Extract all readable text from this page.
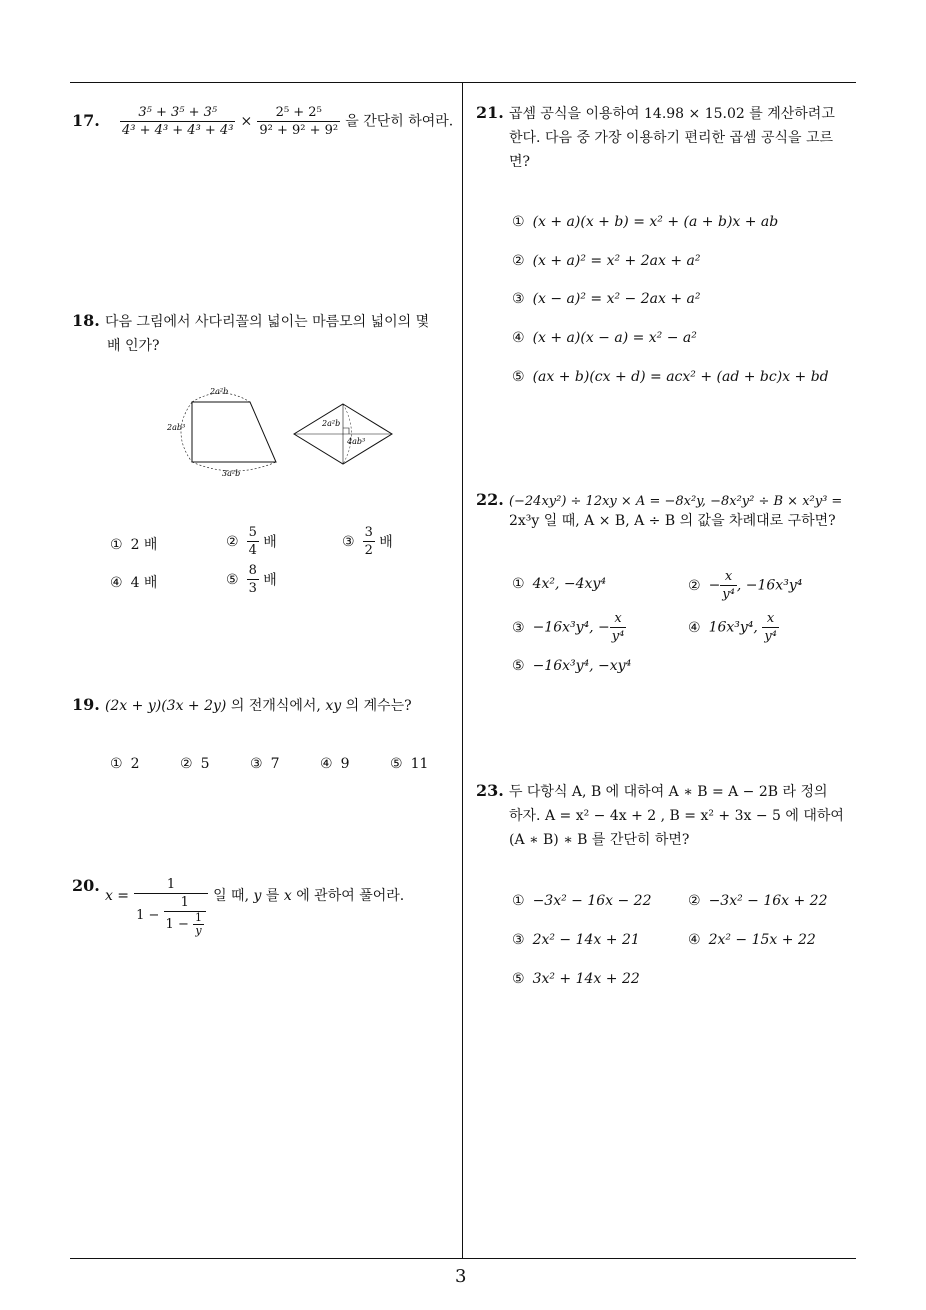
17. $\frac{\text{3⁵ + 3⁵ + 3⁵}}{\text{4³ + 4³ + 4³ + 4³}} \times \frac{\text{2⁵ + 2⁵}}{\text{9² + 9² + 9²}}$ 을 간단히 하여라.
18. 다음 그림에서 사다리꼴의 넓이는 마름모의 넓이의 몇
배 인가?
2a²b
2ab³
3a²b
2a²b
4ab³
① 2 배	② $\frac{5}{4}$ 배	③ $\frac{3}{2}$ 배
④ 4 배	⑤ $\frac{8}{3}$ 배
19. (2x + y)(3x + 2y) 의 전개식에서, xy 의 계수는?
① 2	② 5	③ 7	④ 9	⑤ 11
20. $x = \frac{1}{1 - \frac{1}{1 - \frac{1}{y}}}$ 일 때, y 를 x 에 관하여 풀어라.
21. 곱셈 공식을 이용하여 14.98 × 15.02 를 계산하려고
한다. 다음 중 가장 이용하기 편리한 곱셈 공식을 고르
면?
① (x + a)(x + b) = x² + (a + b)x + ab
② (x + a)² = x² + 2ax + a²
③ (x − a)² = x² − 2ax + a²
④ (x + a)(x − a) = x² − a²
⑤ (ax + b)(cx + d) = acx² + (ad + bc)x + bd
22. (−24xy²) ÷ 12xy × A = −8x²y, −8x²y² ÷ B × x²y³ =
2x³y 일 때, A × B, A ÷ B 의 값을 차례대로 구하면?
① 4x², −4xy⁴	② − $\frac{x}{\text{y⁴}}$ , −16x³y⁴
③ −16x³y⁴, − $\frac{x}{\text{y⁴}}$	④ 16x³y⁴, $\frac{x}{\text{y⁴}}$
⑤ −16x³y⁴, −xy⁴
23. 두 다항식 A, B 에 대하여 A ∗ B = A − 2B 라 정의
하자. A = x² − 4x + 2 , B = x² + 3x − 5 에 대하여
(A ∗ B) ∗ B 를 간단히 하면?
① −3x² − 16x − 22	② −3x² − 16x + 22
③ 2x² − 14x + 21	④ 2x² − 15x + 22
⑤ 3x² + 14x + 22
3
